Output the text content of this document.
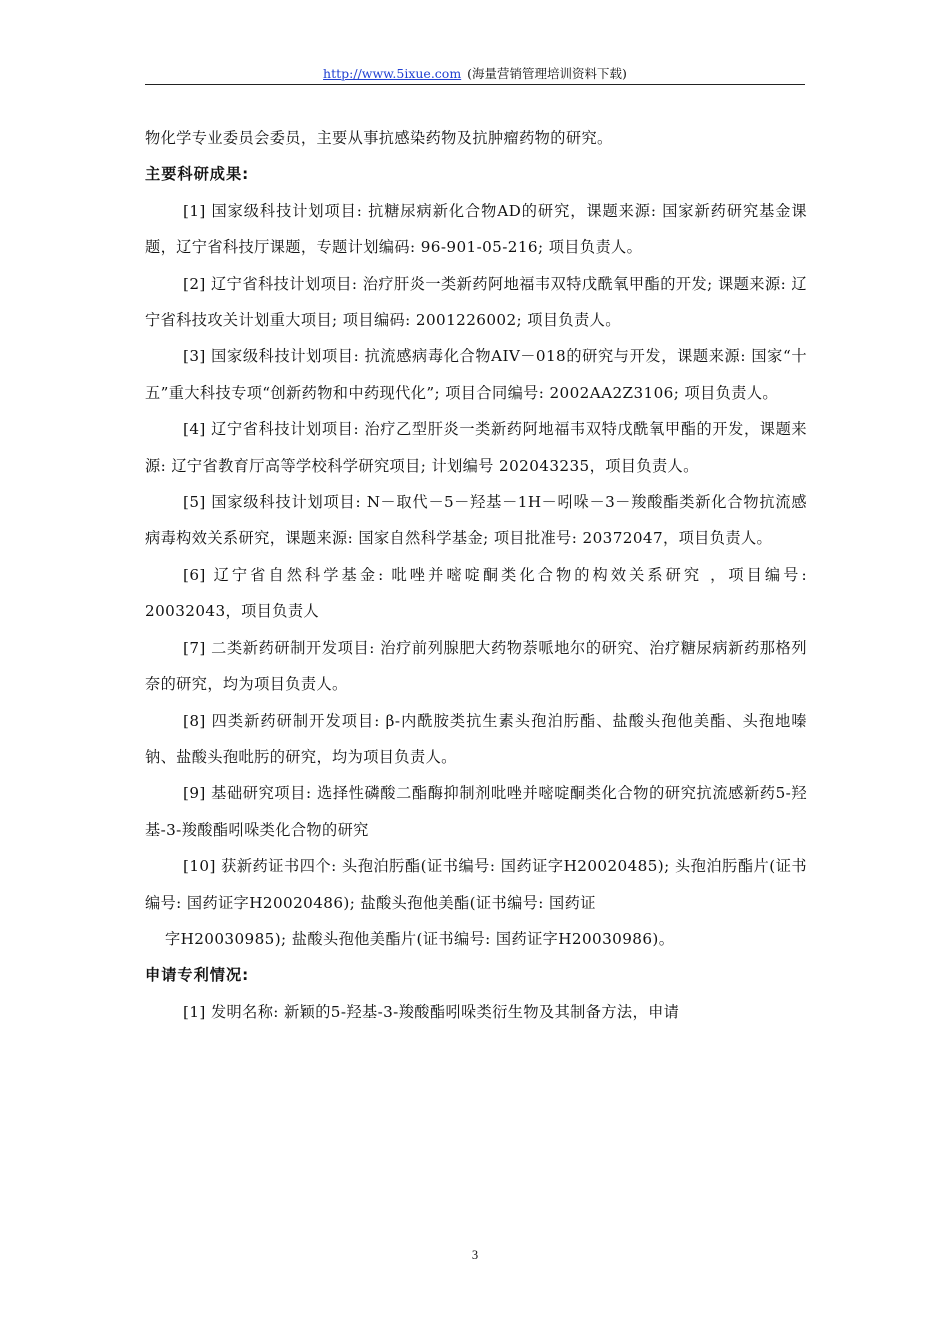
http://www.5ixue.com (海量营销管理培训资料下载)

物化学专业委员会委员，主要从事抗感染药物及抗肿瘤药物的研究。

主要科研成果:

[1] 国家级科技计划项目: 抗糖尿病新化合物AD的研究，课题来源: 国家新药研究基金课题，辽宁省科技厅课题，专题计划编码: 96-901-05-216; 项目负责人。

[2] 辽宁省科技计划项目: 治疗肝炎一类新药阿地福韦双特戊酰氧甲酯的开发; 课题来源: 辽宁省科技攻关计划重大项目; 项目编码: 2001226002; 项目负责人。

[3] 国家级科技计划项目: 抗流感病毒化合物AIV－018的研究与开发，课题来源: 国家“十五”重大科技专项“创新药物和中药现代化”; 项目合同编号: 2002AA2Z3106; 项目负责人。

[4] 辽宁省科技计划项目: 治疗乙型肝炎一类新药阿地福韦双特戊酰氧甲酯的开发，课题来源: 辽宁省教育厅高等学校科学研究项目; 计划编号 202043235，项目负责人。

[5] 国家级科技计划项目: N－取代－5－羟基－1H－吲哚－3－羧酸酯类新化合物抗流感病毒构效关系研究，课题来源: 国家自然科学基金; 项目批准号: 20372047，项目负责人。

[6] 辽宁省自然科学基金: 吡唑并嘧啶酮类化合物的构效关系研究 ，项目编号: 20032043，项目负责人

[7] 二类新药研制开发项目: 治疗前列腺肥大药物萘哌地尔的研究、治疗糖尿病新药那格列奈的研究，均为项目负责人。

[8] 四类新药研制开发项目: β-内酰胺类抗生素头孢泊肟酯、盐酸头孢他美酯、头孢地嗪钠、盐酸头孢吡肟的研究，均为项目负责人。

[9] 基础研究项目: 选择性磷酸二酯酶抑制剂吡唑并嘧啶酮类化合物的研究抗流感新药5-羟基-3-羧酸酯吲哚类化合物的研究

[10] 获新药证书四个: 头孢泊肟酯(证书编号: 国药证字H20020485); 头孢泊肟酯片(证书编号: 国药证字H20020486); 盐酸头孢他美酯(证书编号: 国药证

字H20030985); 盐酸头孢他美酯片(证书编号: 国药证字H20030986)。

申请专利情况:

[1] 发明名称: 新颖的5-羟基-3-羧酸酯吲哚类衍生物及其制备方法，申请

3
